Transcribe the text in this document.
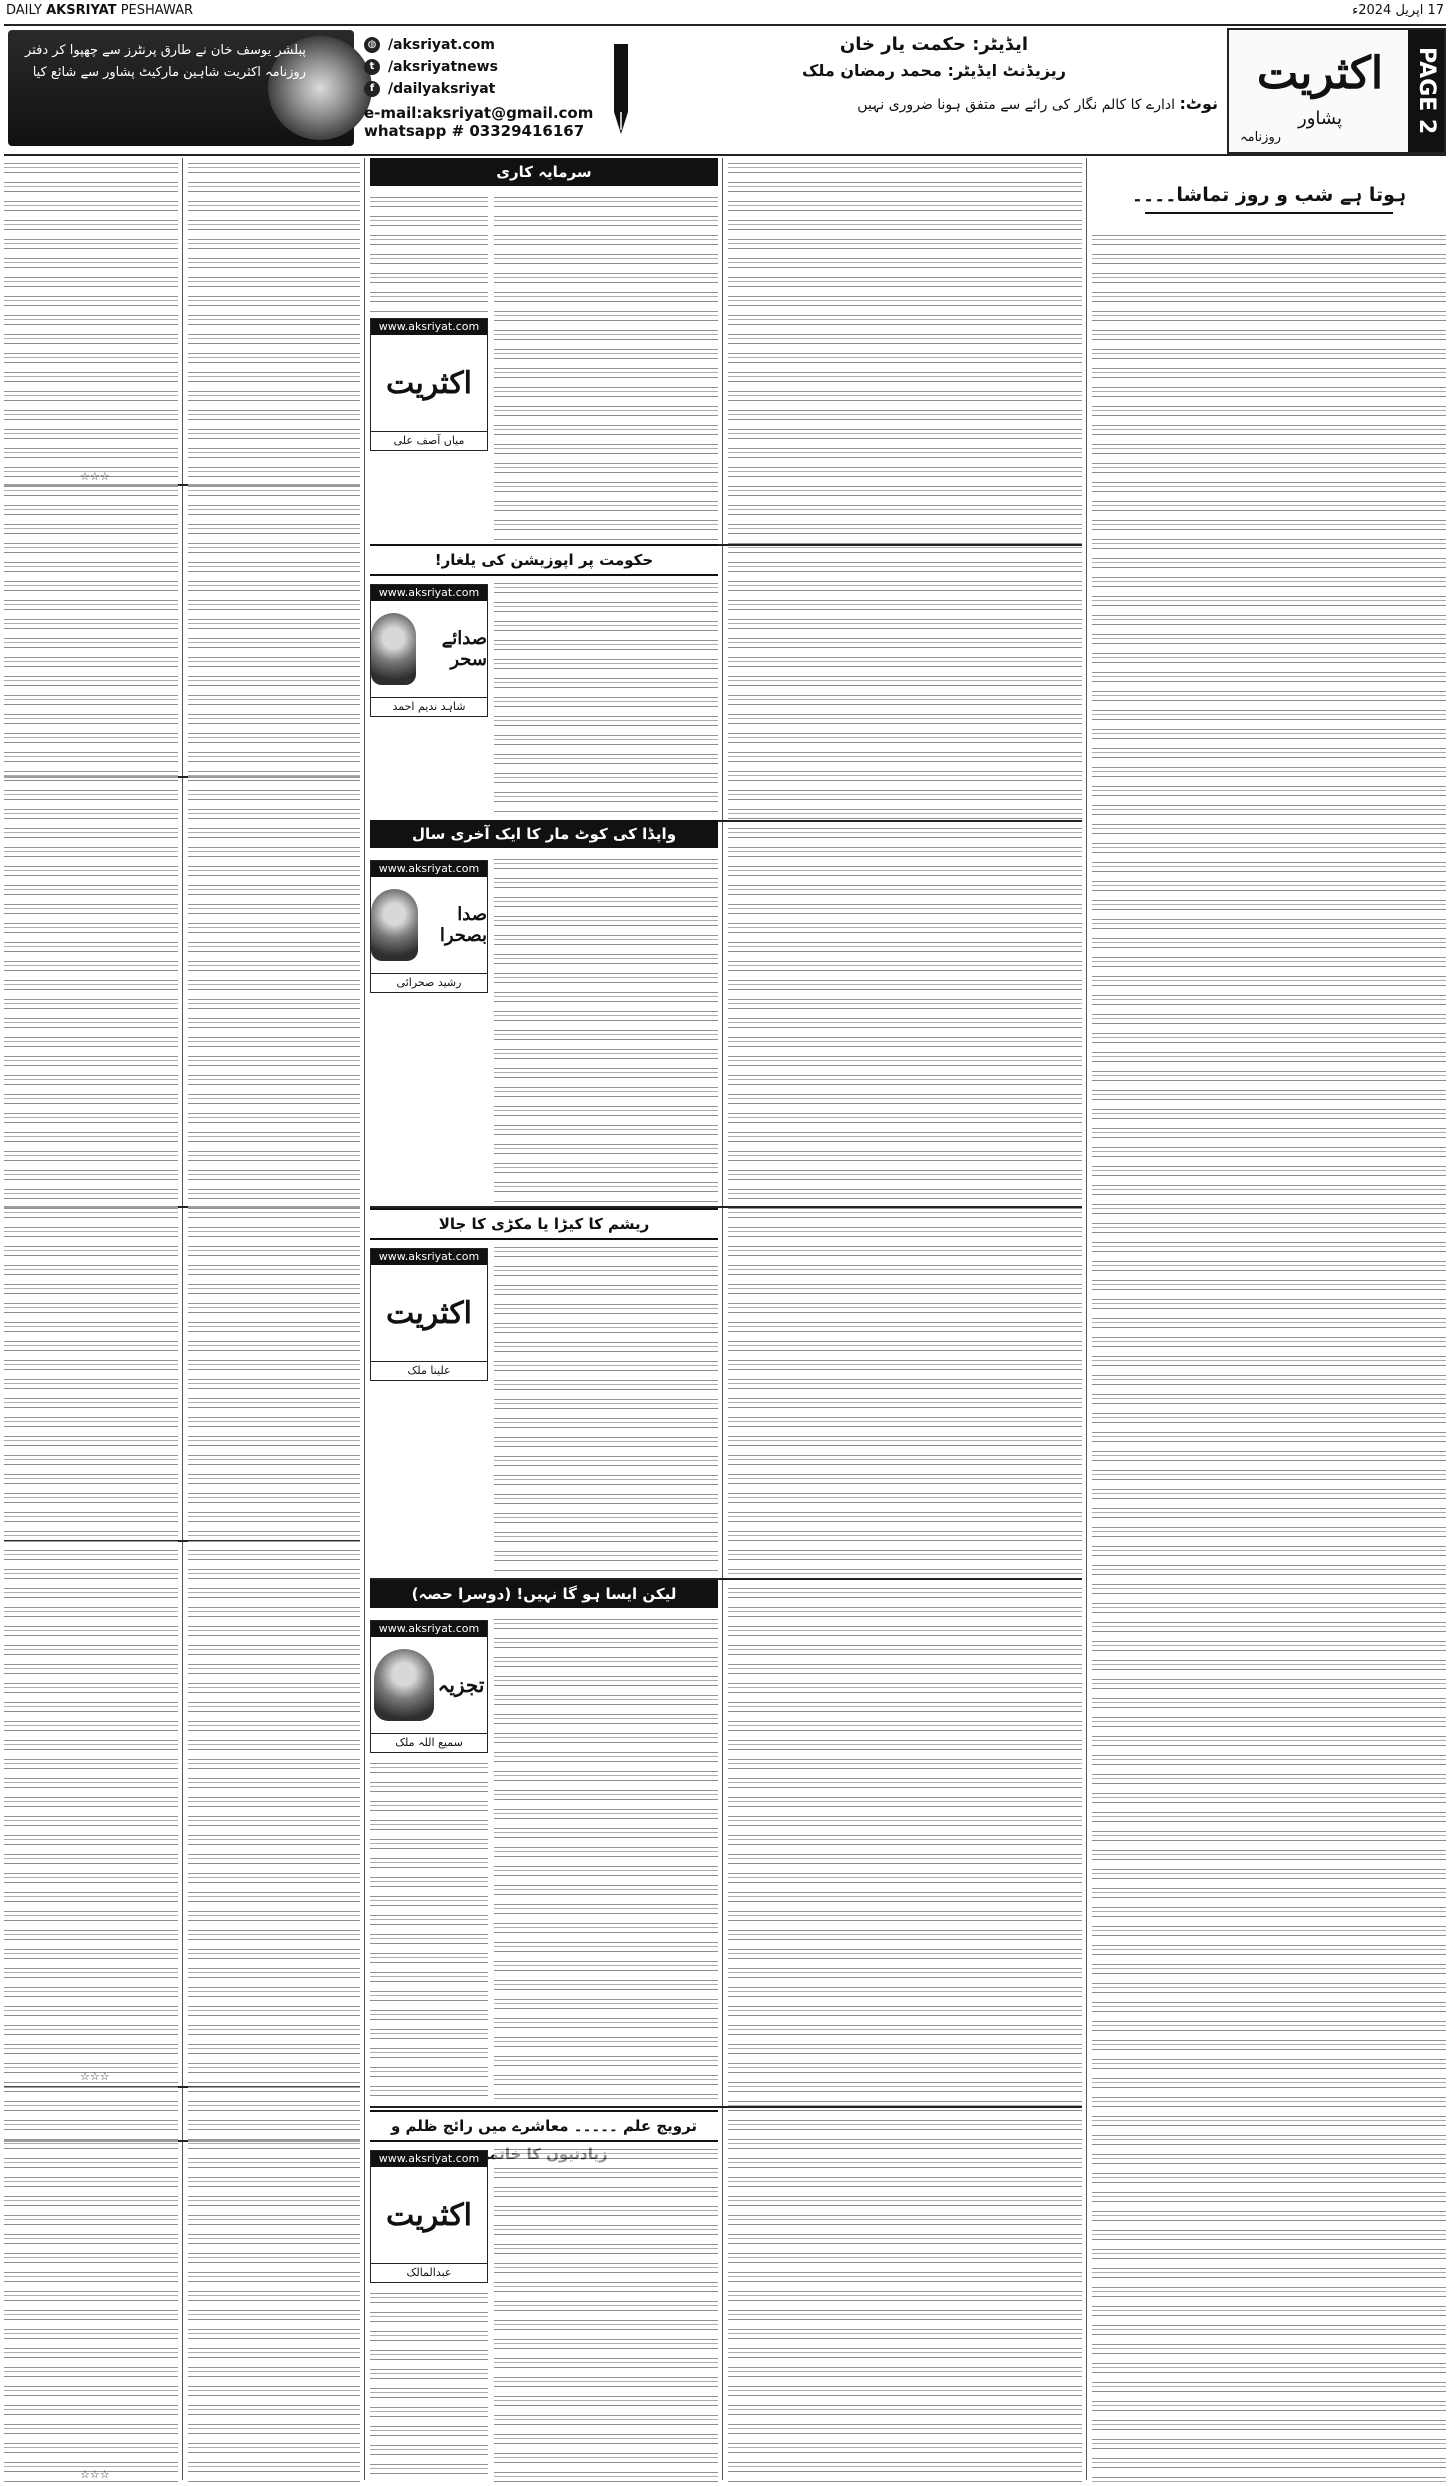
DAILY AKSRIYAT PESHAWAR	17 اپریل 2024ء
پبلشر یوسف خان نے طارق پرنٹرز سے چھپوا کر دفتر روزنامہ اکثریت شاہین مارکیٹ پشاور سے شائع کیا
◍ /aksriyat.com
t /aksriyatnews
f /dailyaksriyat
e-mail:aksriyat@gmail.com
whatsapp # 03329416167
ایڈیٹر: حکمت یار خان
ریزیڈنٹ ایڈیٹر: محمد رمضان ملک
نوٹ: ادارے کا کالم نگار کی رائے سے متفق ہونا ضروری نہیں	PAGE 2
اکثریت
پشاور
روزنامہ
ہوتا ہے شب و روز تماشا۔۔۔۔
سرمایہ کاری
www.aksriyat.com
اکثریت
میاں آصف علی
حکومت پر اپوزیشن کی یلغار!
www.aksriyat.com
صدائے سحر
شاہد ندیم احمد
واپڈا کی کوٹ مار کا ایک آخری سال
www.aksriyat.com
صدا بصحرا
رشید صحرائی
ریشم کا کیڑا یا مکڑی کا جالا
www.aksriyat.com
اکثریت
علینا ملک
لیکن ایسا ہو گا نہیں! (دوسرا حصہ)
www.aksriyat.com
تجزیہ
سمیع اللہ ملک
ترویج علم ۔۔۔۔۔ معاشرے میں رائج ظلم و
www.aksriyat.com
اکثریت
عبدالمالک
☆☆☆
☆☆☆
☆☆☆
